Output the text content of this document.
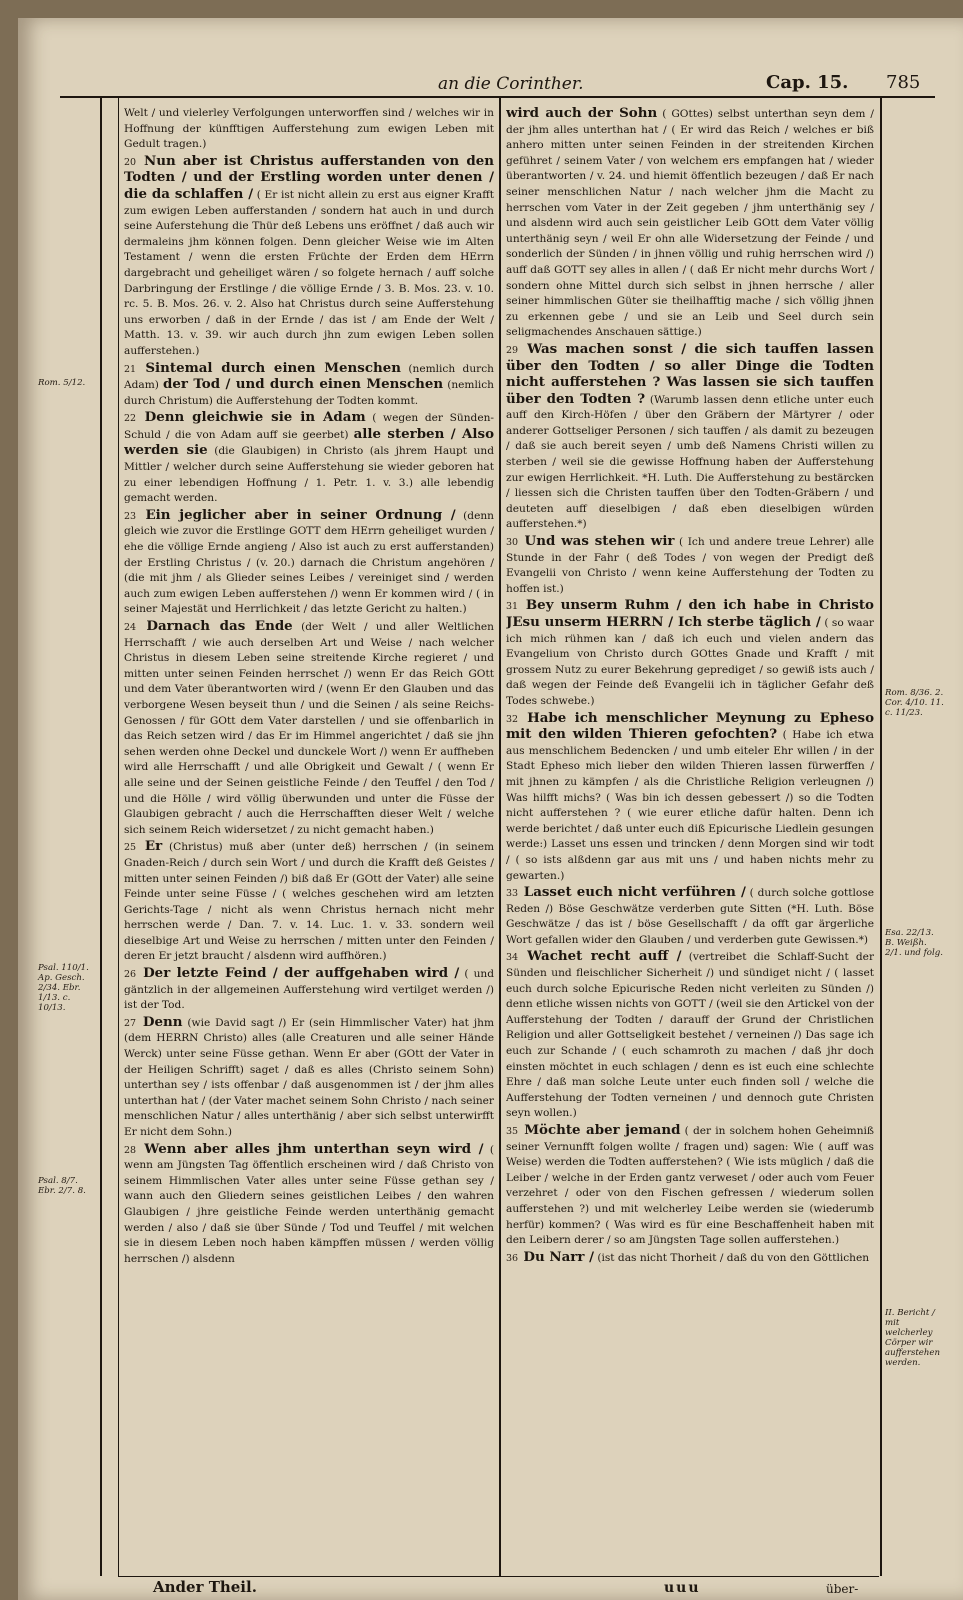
an die Corinther.	Cap. 15. 785
Rom. 5/12.
Psal. 110/1. Ap. Gesch. 2/34. Ebr. 1/13. c. 10/13.
Psal. 8/7. Ebr. 2/7. 8.
Rom. 8/36. 2. Cor. 4/10. 11. c. 11/23.
Esa. 22/13. B. Weißh. 2/1. und folg.
II. Bericht / mit welcherley Cörper wir aufferstehen werden.

Welt / und vielerley Verfolgungen unterworffen sind / welches wir in Hoffnung der künfftigen Aufferstehung zum ewigen Leben mit Gedult tragen.)

20 Nun aber ist Christus aufferstanden von den Todten / und der Erstling worden unter denen / die da schlaffen / ( Er ist nicht allein zu erst aus eigner Krafft zum ewigen Leben aufferstanden / sondern hat auch in und durch seine Auferstehung die Thür deß Lebens uns eröffnet / daß auch wir dermaleins jhm können folgen. Denn gleicher Weise wie im Alten Testament / wenn die ersten Früchte der Erden dem HErrn dargebracht und geheiliget wären / so folgete hernach / auff solche Darbringung der Erstlinge / die völlige Ernde / 3. B. Mos. 23. v. 10. rc. 5. B. Mos. 26. v. 2. Also hat Christus durch seine Aufferstehung uns erworben / daß in der Ernde / das ist / am Ende der Welt / Matth. 13. v. 39. wir auch durch jhn zum ewigen Leben sollen aufferstehen.)

21 Sintemal durch einen Menschen (nemlich durch Adam) der Tod / und durch einen Menschen (nemlich durch Christum) die Aufferstehung der Todten kommt.

22 Denn gleichwie sie in Adam ( wegen der Sünden-Schuld / die von Adam auff sie geerbet) alle sterben / Also werden sie (die Glaubigen) in Christo (als jhrem Haupt und Mittler / welcher durch seine Aufferstehung sie wieder geboren hat zu einer lebendigen Hoffnung / 1. Petr. 1. v. 3.) alle lebendig gemacht werden.

23 Ein jeglicher aber in seiner Ordnung / (denn gleich wie zuvor die Erstlinge GOTT dem HErrn geheiliget wurden / ehe die völlige Ernde angieng / Also ist auch zu erst aufferstanden) der Erstling Christus / (v. 20.) darnach die Christum angehören / (die mit jhm / als Glieder seines Leibes / vereiniget sind / werden auch zum ewigen Leben aufferstehen /) wenn Er kommen wird / ( in seiner Majestät und Herrlichkeit / das letzte Gericht zu halten.)

24 Darnach das Ende (der Welt / und aller Weltlichen Herrschafft / wie auch derselben Art und Weise / nach welcher Christus in diesem Leben seine streitende Kirche regieret / und mitten unter seinen Feinden herrschet /) wenn Er das Reich GOtt und dem Vater überantworten wird / (wenn Er den Glauben und das verborgene Wesen beyseit thun / und die Seinen / als seine Reichs-Genossen / für GOtt dem Vater darstellen / und sie offenbarlich in das Reich setzen wird / das Er im Himmel angerichtet / daß sie jhn sehen werden ohne Deckel und dunckele Wort /) wenn Er auffheben wird alle Herrschafft / und alle Obrigkeit und Gewalt / ( wenn Er alle seine und der Seinen geistliche Feinde / den Teuffel / den Tod / und die Hölle / wird völlig überwunden und unter die Füsse der Glaubigen gebracht / auch die Herrschafften dieser Welt / welche sich seinem Reich widersetzet / zu nicht gemacht haben.)

25 Er (Christus) muß aber (unter deß) herrschen / (in seinem Gnaden-Reich / durch sein Wort / und durch die Krafft deß Geistes / mitten unter seinen Feinden /) biß daß Er (GOtt der Vater) alle seine Feinde unter seine Füsse / ( welches geschehen wird am letzten Gerichts-Tage / nicht als wenn Christus hernach nicht mehr herrschen werde / Dan. 7. v. 14. Luc. 1. v. 33. sondern weil dieselbige Art und Weise zu herrschen / mitten unter den Feinden / deren Er jetzt braucht / alsdenn wird auffhören.)

26 Der letzte Feind / der auffgehaben wird / ( und gäntzlich in der allgemeinen Aufferstehung wird vertilget werden /) ist der Tod.

27 Denn (wie David sagt /) Er (sein Himmlischer Vater) hat jhm (dem HERRN Christo) alles (alle Creaturen und alle seiner Hände Werck) unter seine Füsse gethan. Wenn Er aber (GOtt der Vater in der Heiligen Schrifft) saget / daß es alles (Christo seinem Sohn) unterthan sey / ists offenbar / daß ausgenommen ist / der jhm alles unterthan hat / (der Vater machet seinem Sohn Christo / nach seiner menschlichen Natur / alles unterthänig / aber sich selbst unterwirfft Er nicht dem Sohn.)

28 Wenn aber alles jhm unterthan seyn wird / ( wenn am Jüngsten Tag öffentlich erscheinen wird / daß Christo von seinem Himmlischen Vater alles unter seine Füsse gethan sey / wann auch den Gliedern seines geistlichen Leibes / den wahren Glaubigen / jhre geistliche Feinde werden unterthänig gemacht werden / also / daß sie über Sünde / Tod und Teuffel / mit welchen sie in diesem Leben noch haben kämpffen müssen / werden völlig herrschen /) alsdenn

wird auch der Sohn ( GOttes) selbst unterthan seyn dem / der jhm alles unterthan hat / ( Er wird das Reich / welches er biß anhero mitten unter seinen Feinden in der streitenden Kirchen geführet / seinem Vater / von welchem ers empfangen hat / wieder überantworten / v. 24. und hiemit öffentlich bezeugen / daß Er nach seiner menschlichen Natur / nach welcher jhm die Macht zu herrschen vom Vater in der Zeit gegeben / jhm unterthänig sey / und alsdenn wird auch sein geistlicher Leib GOtt dem Vater völlig unterthänig seyn / weil Er ohn alle Widersetzung der Feinde / und sonderlich der Sünden / in jhnen völlig und ruhig herrschen wird /) auff daß GOTT sey alles in allen / ( daß Er nicht mehr durchs Wort / sondern ohne Mittel durch sich selbst in jhnen herrsche / aller seiner himmlischen Güter sie theilhafftig mache / sich völlig jhnen zu erkennen gebe / und sie an Leib und Seel durch sein seligmachendes Anschauen sättige.)

29 Was machen sonst / die sich tauffen lassen über den Todten / so aller Dinge die Todten nicht aufferstehen ? Was lassen sie sich tauffen über den Todten ? (Warumb lassen denn etliche unter euch auff den Kirch-Höfen / über den Gräbern der Märtyrer / oder anderer Gottseliger Personen / sich tauffen / als damit zu bezeugen / daß sie auch bereit seyen / umb deß Namens Christi willen zu sterben / weil sie die gewisse Hoffnung haben der Aufferstehung zur ewigen Herrlichkeit. *H. Luth. Die Aufferstehung zu bestärcken / liessen sich die Christen tauffen über den Todten-Gräbern / und deuteten auff dieselbigen / daß eben dieselbigen würden aufferstehen.*)

30 Und was stehen wir ( Ich und andere treue Lehrer) alle Stunde in der Fahr ( deß Todes / von wegen der Predigt deß Evangelii von Christo / wenn keine Aufferstehung der Todten zu hoffen ist.)

31 Bey unserm Ruhm / den ich habe in Christo JEsu unserm HERRN / Ich sterbe täglich / ( so waar ich mich rühmen kan / daß ich euch und vielen andern das Evangelium von Christo durch GOttes Gnade und Krafft / mit grossem Nutz zu eurer Bekehrung geprediget / so gewiß ists auch / daß wegen der Feinde deß Evangelii ich in täglicher Gefahr deß Todes schwebe.)

32 Habe ich menschlicher Meynung zu Epheso mit den wilden Thieren gefochten? ( Habe ich etwa aus menschlichem Bedencken / und umb eiteler Ehr willen / in der Stadt Epheso mich lieber den wilden Thieren lassen fürwerffen / mit jhnen zu kämpfen / als die Christliche Religion verleugnen /) Was hilfft michs? ( Was bin ich dessen gebessert /) so die Todten nicht aufferstehen ? ( wie eurer etliche dafür halten. Denn ich werde berichtet / daß unter euch diß Epicurische Liedlein gesungen werde:) Lasset uns essen und trincken / denn Morgen sind wir todt / ( so ists alßdenn gar aus mit uns / und haben nichts mehr zu gewarten.)

33 Lasset euch nicht verführen / ( durch solche gottlose Reden /) Böse Geschwätze verderben gute Sitten (*H. Luth. Böse Geschwätze / das ist / böse Gesellschafft / da offt gar ärgerliche Wort gefallen wider den Glauben / und verderben gute Gewissen.*)

34 Wachet recht auff / (vertreibet die Schlaff-Sucht der Sünden und fleischlicher Sicherheit /) und sündiget nicht / ( lasset euch durch solche Epicurische Reden nicht verleiten zu Sünden /) denn etliche wissen nichts von GOTT / (weil sie den Artickel von der Aufferstehung der Todten / darauff der Grund der Christlichen Religion und aller Gottseligkeit bestehet / verneinen /) Das sage ich euch zur Schande / ( euch schamroth zu machen / daß jhr doch einsten möchtet in euch schlagen / denn es ist euch eine schlechte Ehre / daß man solche Leute unter euch finden soll / welche die Aufferstehung der Todten verneinen / und dennoch gute Christen seyn wollen.)

35 Möchte aber jemand ( der in solchem hohen Geheimniß seiner Vernunfft folgen wollte / fragen und) sagen: Wie ( auff was Weise) werden die Todten aufferstehen? ( Wie ists müglich / daß die Leiber / welche in der Erden gantz verweset / oder auch vom Feuer verzehret / oder von den Fischen gefressen / wiederum sollen aufferstehen ?) und mit welcherley Leibe werden sie (wiederumb herfür) kommen? ( Was wird es für eine Beschaffenheit haben mit den Leibern derer / so am Jüngsten Tage sollen aufferstehen.)

36 Du Narr / (ist das nicht Thorheit / daß du von den Göttlichen

Ander Theil.	uuu	über-
